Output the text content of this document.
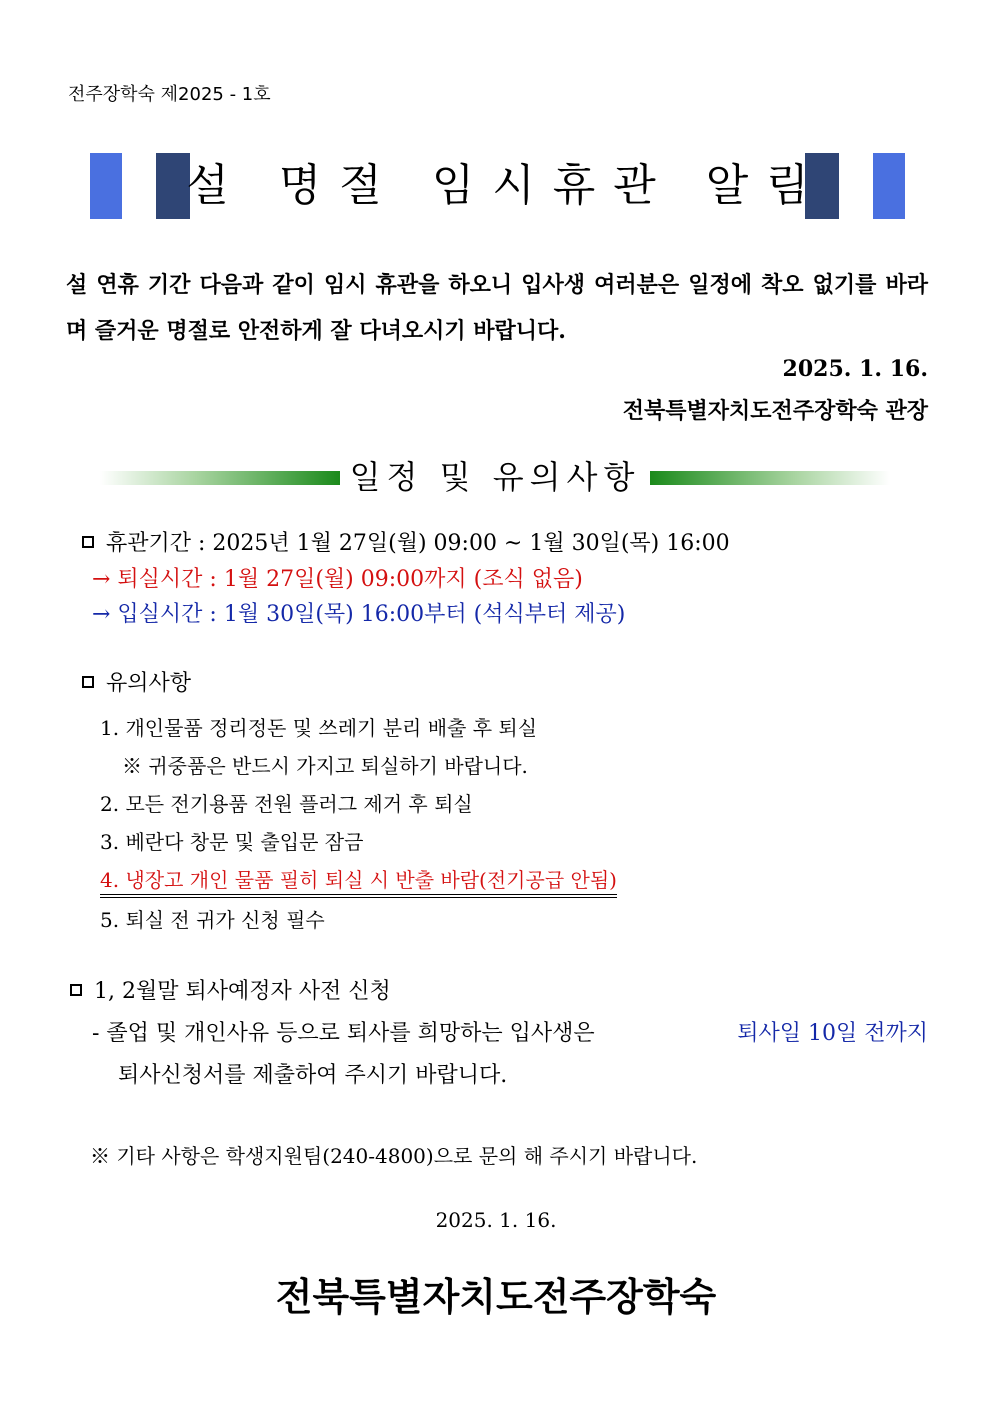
전주장학숙 제2025 - 1호
설 명절 임시휴관 알림
설 연휴 기간 다음과 같이 임시 휴관을 하오니 입사생 여러분은 일정에 착오 없기를 바라며 즐거운 명절로 안전하게 잘 다녀오시기 바랍니다.
2025. 1. 16.
전북특별자치도전주장학숙 관장
일정 및 유의사항
휴관기간 : 2025년 1월 27일(월) 09:00 ~ 1월 30일(목) 16:00
→ 퇴실시간 : 1월 27일(월) 09:00까지 (조식 없음)
→ 입실시간 : 1월 30일(목) 16:00부터 (석식부터 제공)
유의사항
1. 개인물품 정리정돈 및 쓰레기 분리 배출 후 퇴실
※ 귀중품은 반드시 가지고 퇴실하기 바랍니다.
2. 모든 전기용품 전원 플러그 제거 후 퇴실
3. 베란다 창문 및 출입문 잠금
4. 냉장고 개인 물품 필히 퇴실 시 반출 바람(전기공급 안됨)
5. 퇴실 전 귀가 신청 필수
1, 2월말 퇴사예정자 사전 신청
- 졸업 및 개인사유 등으로 퇴사를 희망하는 입사생은	퇴사일 10일 전까지
퇴사신청서를 제출하여 주시기 바랍니다.
※ 기타 사항은 학생지원팀(240-4800)으로 문의 해 주시기 바랍니다.
2025. 1. 16.
전북특별자치도전주장학숙
